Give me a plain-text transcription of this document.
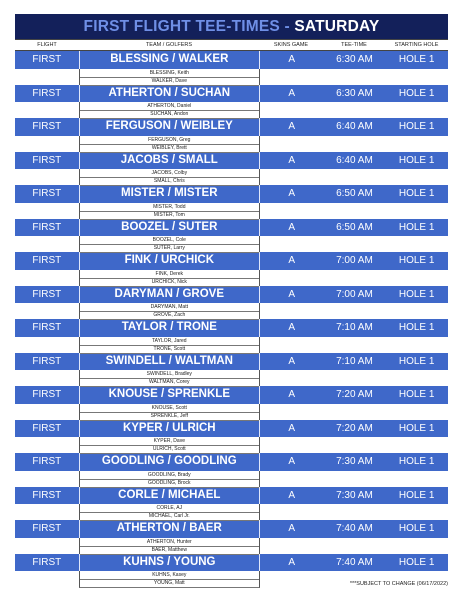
FIRST FLIGHT TEE-TIMES - SATURDAY
FLIGHT	TEAM / GOLFERS	SKINS GAME	TEE-TIME	STARTING HOLE
FIRST	BLESSING / WALKER	A	6:30 AM	HOLE 1
BLESSING, Keith
WALKER, Dave
FIRST	ATHERTON / SUCHAN	A	6:30 AM	HOLE 1
ATHERTON, Daniel
SUCHAN, Andon
FIRST	FERGUSON / WEIBLEY	A	6:40 AM	HOLE 1
FERGUSON, Greg
WEIBLEY, Brett
FIRST	JACOBS / SMALL	A	6:40 AM	HOLE 1
JACOBS, Colby
SMALL, Chris
FIRST	MISTER / MISTER	A	6:50 AM	HOLE 1
MISTER, Todd
MISTER, Tom
FIRST	BOOZEL / SUTER	A	6:50 AM	HOLE 1
BOOZEL, Cole
SUTER, Larry
FIRST	FINK / URCHICK	A	7:00 AM	HOLE 1
FINK, Derek
URCHICK, Nick
FIRST	DARYMAN / GROVE	A	7:00 AM	HOLE 1
DARYMAN, Matt
GROVE, Zach
FIRST	TAYLOR / TRONE	A	7:10 AM	HOLE 1
TAYLOR, Jared
TRONE, Scott
FIRST	SWINDELL / WALTMAN	A	7:10 AM	HOLE 1
SWINDELL, Bradley
WALTMAN, Corey
FIRST	KNOUSE / SPRENKLE	A	7:20 AM	HOLE 1
KNOUSE, Scott
SPRENKLE, Jeff
FIRST	KYPER / ULRICH	A	7:20 AM	HOLE 1
KYPER, Dave
ULRICH, Scott
FIRST	GOODLING / GOODLING	A	7:30 AM	HOLE 1
GOODLING, Brady
GOODLING, Brock
FIRST	CORLE / MICHAEL	A	7:30 AM	HOLE 1
CORLE, AJ
MICHAEL, Carl Jr.
FIRST	ATHERTON / BAER	A	7:40 AM	HOLE 1
ATHERTON, Hunter
BAER, Matthew
FIRST	KUHNS / YOUNG	A	7:40 AM	HOLE 1
KUHNS, Kasey
YOUNG, Matt	***SUBJECT TO CHANGE (06/17/2022)
